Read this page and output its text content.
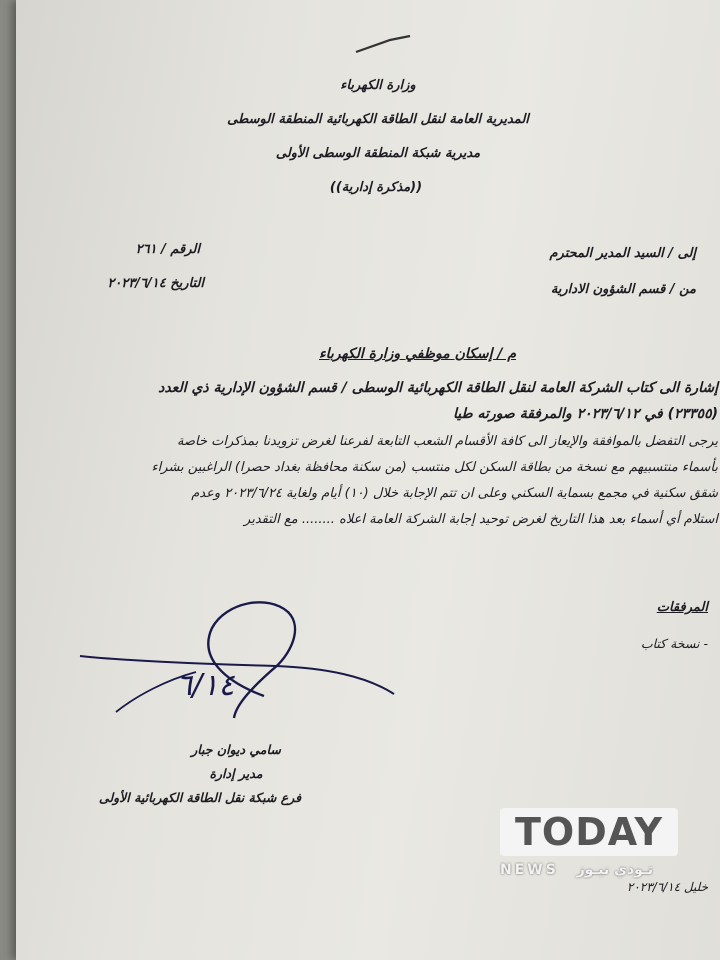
وزارة الكهرباء
المديرية العامة لنقل الطاقة الكهربائية المنطقة الوسطى
مديرية شبكة المنطقة الوسطى الأولى
((مذكرة إدارية))
إلى / السيد المدير المحترم
من / قسم الشؤون الادارية
الرقم / ٢٦١
التاريخ ٢٠٢٣/٦/١٤
م / إسكان موظفي وزارة الكهرباء
إشارة الى كتاب الشركة العامة لنقل الطاقة الكهربائية الوسطى / قسم الشؤون الإدارية ذي العدد
(٢٣٣٥٥) في ٢٠٢٣/٦/١٢ والمرفقة صورته طيا
يرجى التفضل بالموافقة والإيعاز الى كافة الأقسام الشعب التابعة لفرعنا لغرض تزويدنا بمذكرات خاصة
بأسماء منتسبيهم مع نسخة من بطاقة السكن لكل منتسب (من سكنة محافظة بغداد حصرا) الراغبين بشراء
شقق سكنية في مجمع بسماية السكني وعلى ان تتم الإجابة خلال (١٠) أيام ولغاية ٢٠٢٣/٦/٢٤ وعدم
استلام أي أسماء بعد هذا التاريخ لغرض توحيد إجابة الشركة العامة اعلاه ........ مع التقدير
المرفقات
- نسخة كتاب
٦/١٤
سامي ديوان جبار
مدير إدارة
فرع شبكة نقل الطاقة الكهربائية الأولى
خليل ٢٠٢٣/٦/١٤
TODAY
NEWS تـودي نيـوز
